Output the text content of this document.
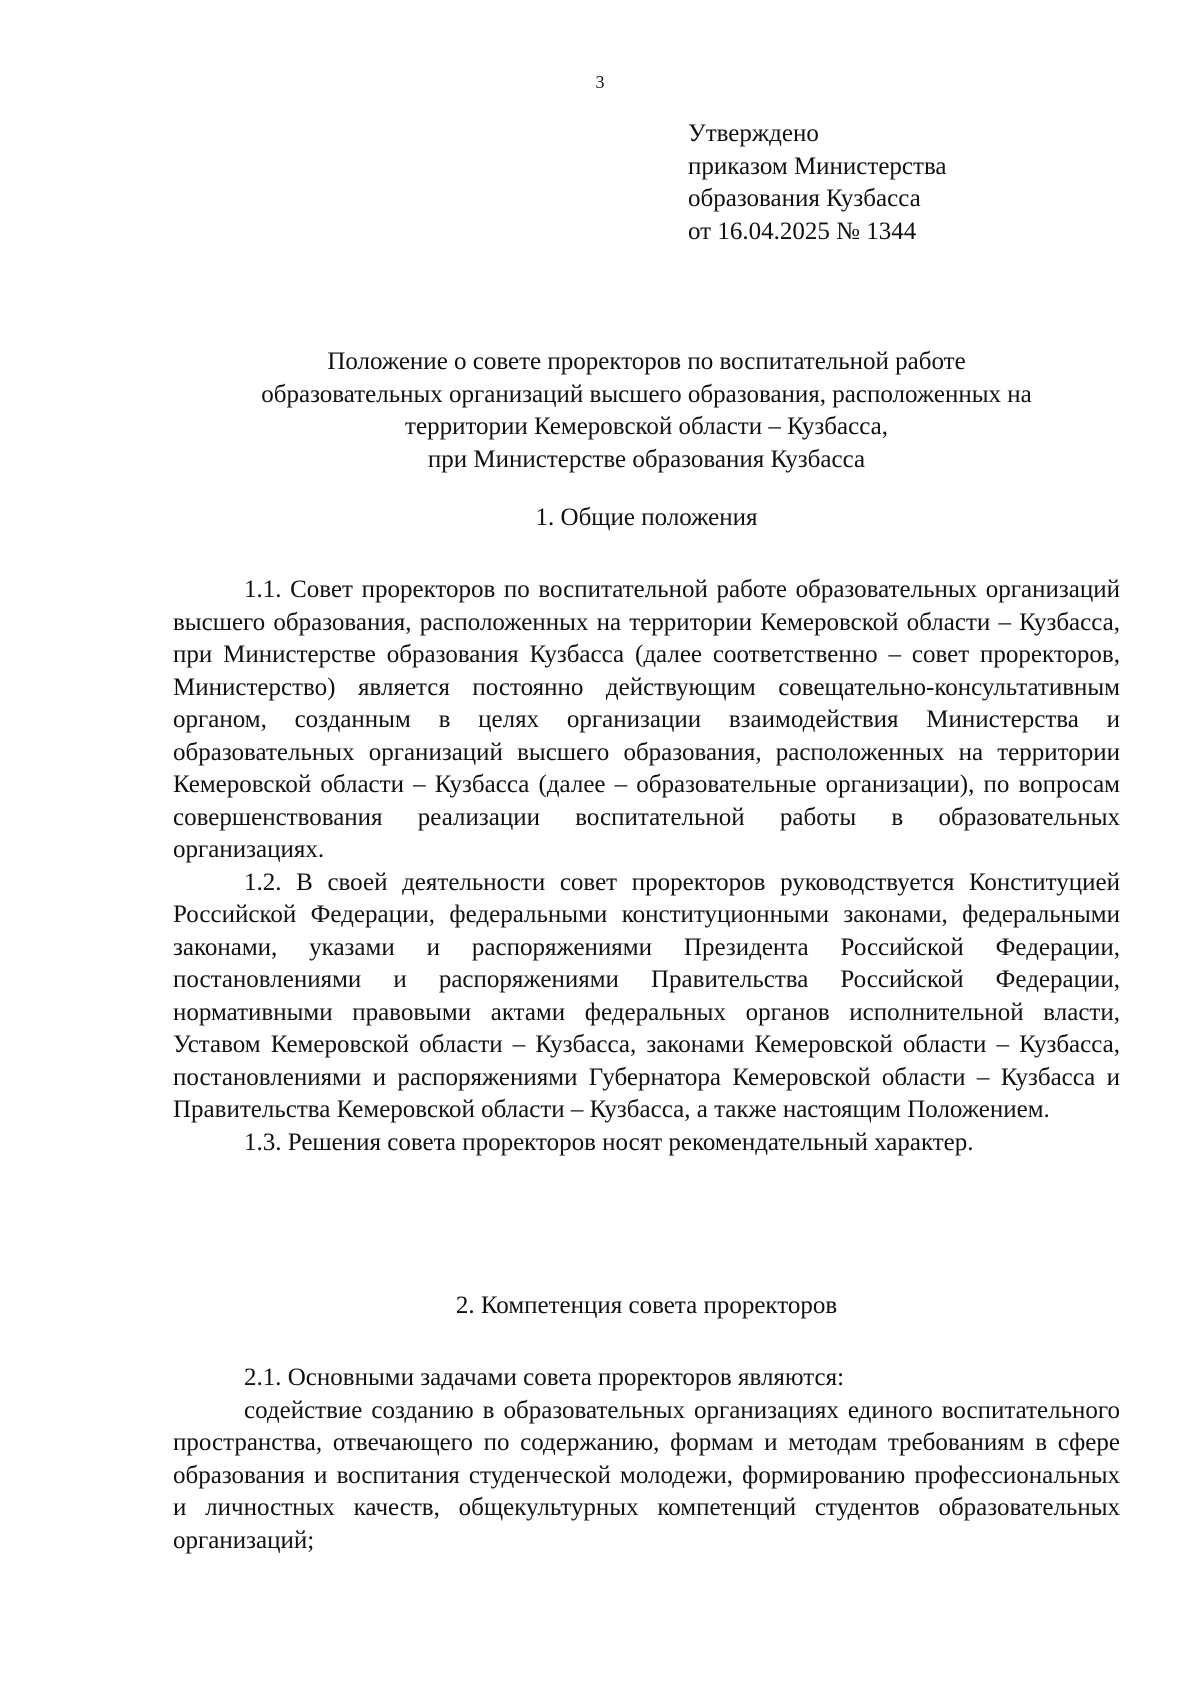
3
Утверждено
приказом Министерства
образования Кузбасса
от 16.04.2025 № 1344
Положение о совете проректоров по воспитательной работе
образовательных организаций высшего образования, расположенных на
территории Кемеровской области – Кузбасса,
при Министерстве образования Кузбасса
1. Общие положения

1.1. Совет проректоров по воспитательной работе образовательных организаций высшего образования, расположенных на территории Кемеровской области – Кузбасса, при Министерстве образования Кузбасса (далее соответственно – совет проректоров, Министерство) является постоянно действующим совещательно-консультативным органом, созданным в целях организации взаимодействия Министерства и образовательных организаций высшего образования, расположенных на территории Кемеровской области – Кузбасса (далее – образовательные организации), по вопросам совершенствования реализации воспитательной работы в образовательных организациях.

1.2. В своей деятельности совет проректоров руководствуется Конституцией Российской Федерации, федеральными конституционными законами, федеральными законами, указами и распоряжениями Президента Российской Федерации, постановлениями и распоряжениями Правительства Российской Федерации, нормативными правовыми актами федеральных органов исполнительной власти, Уставом Кемеровской области – Кузбасса, законами Кемеровской области – Кузбасса, постановлениями и распоряжениями Губернатора Кемеровской области – Кузбасса и Правительства Кемеровской области – Кузбасса, а также настоящим Положением.

1.3. Решения совета проректоров носят рекомендательный характер.

2. Компетенция совета проректоров

2.1. Основными задачами совета проректоров являются:

содействие созданию в образовательных организациях единого воспитательного пространства, отвечающего по содержанию, формам и методам требованиям в сфере образования и воспитания студенческой молодежи, формированию профессиональных и личностных качеств, общекультурных компетенций студентов образовательных организаций;
